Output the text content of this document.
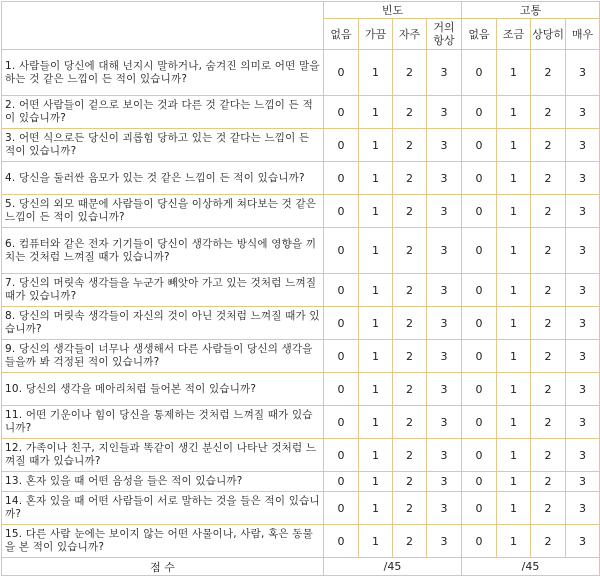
	빈도				고통			
	없음	가끔	자주	거의 항상	없음	조금	상당히	매우
1. 사람들이 당신에 대해 넌지시 말하거나, 숨겨진 의미로 어떤 말을 하는 것 같은 느낌이 든 적이 있습니까?	0	1	2	3	0	1	2	3
2. 어떤 사람들이 겉으로 보이는 것과 다른 것 같다는 느낌이 든 적이 있습니까?	0	1	2	3	0	1	2	3
3. 어떤 식으로든 당신이 괴롭힘 당하고 있는 것 같다는 느낌이 든 적이 있습니까?	0	1	2	3	0	1	2	3
4. 당신을 둘러싼 음모가 있는 것 같은 느낌이 든 적이 있습니까?	0	1	2	3	0	1	2	3
5. 당신의 외모 때문에 사람들이 당신을 이상하게 쳐다보는 것 같은 느낌이 든 적이 있습니까?	0	1	2	3	0	1	2	3
6. 컴퓨터와 같은 전자 기기들이 당신이 생각하는 방식에 영향을 끼치는 것처럼 느껴질 때가 있습니까?	0	1	2	3	0	1	2	3
7. 당신의 머릿속 생각들을 누군가 빼앗아 가고 있는 것처럼 느껴질 때가 있습니까?	0	1	2	3	0	1	2	3
8. 당신의 머릿속 생각들이 자신의 것이 아닌 것처럼 느껴질 때가 있습니까?	0	1	2	3	0	1	2	3
9. 당신의 생각들이 너무나 생생해서 다른 사람들이 당신의 생각을 들을까 봐 걱정된 적이 있습니까?	0	1	2	3	0	1	2	3
10. 당신의 생각을 메아리처럼 들어본 적이 있습니까?	0	1	2	3	0	1	2	3
11. 어떤 기운이나 힘이 당신을 통제하는 것처럼 느껴질 때가 있습니까?	0	1	2	3	0	1	2	3
12. 가족이나 친구, 지인들과 똑같이 생긴 분신이 나타난 것처럼 느껴질 때가 있습니까?	0	1	2	3	0	1	2	3
13. 혼자 있을 때 어떤 음성을 들은 적이 있습니까?	0	1	2	3	0	1	2	3
14. 혼자 있을 때 어떤 사람들이 서로 말하는 것을 들은 적이 있습니까?	0	1	2	3	0	1	2	3
15. 다른 사람 눈에는 보이지 않는 어떤 사물이나, 사람, 혹은 동물을 본 적이 있습니까?	0	1	2	3	0	1	2	3
점 수	/45				/45			
